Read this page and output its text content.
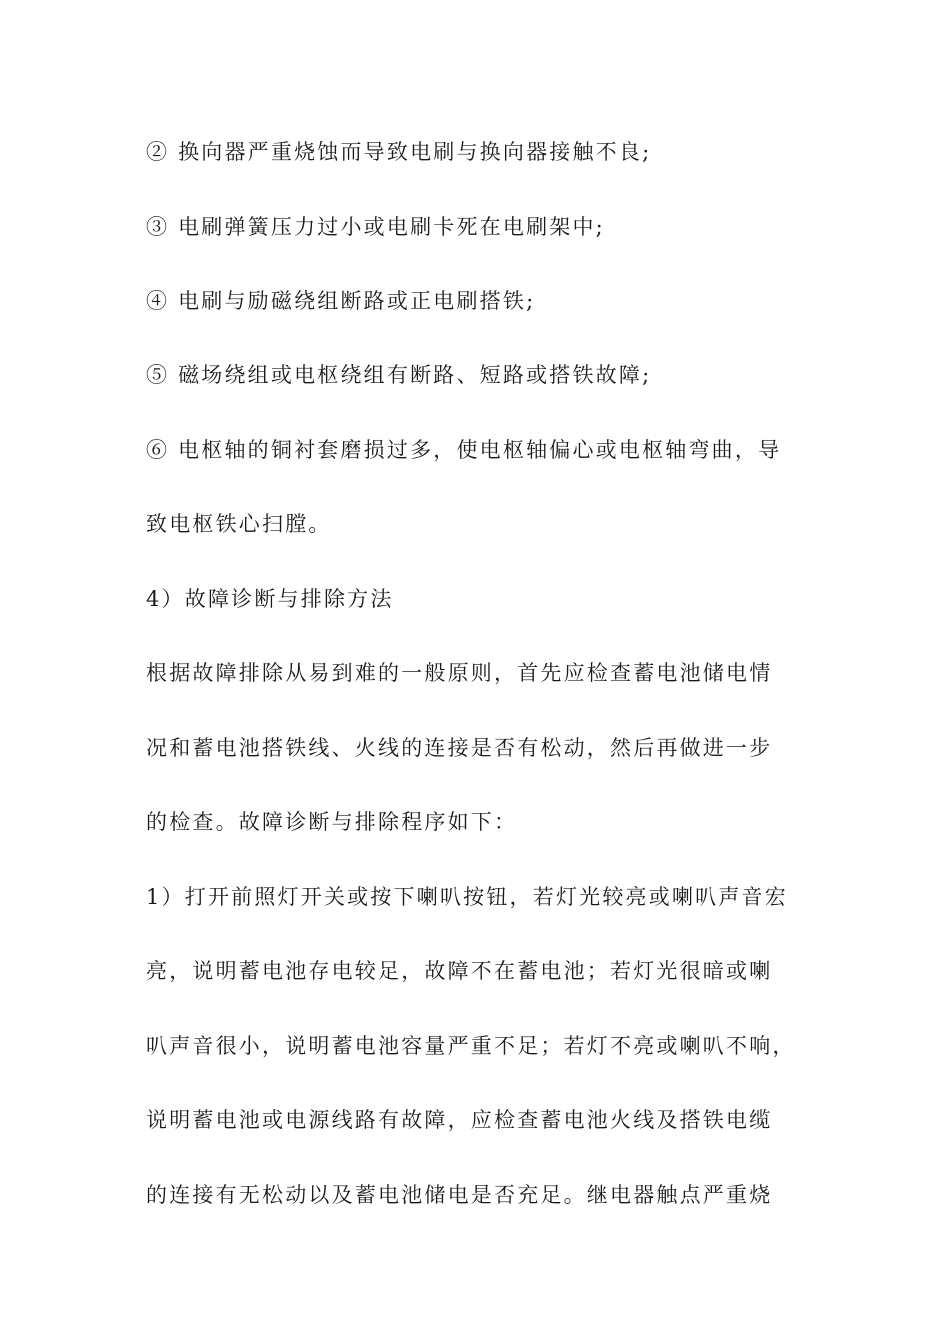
② 换向器严重烧蚀而导致电刷与换向器接触不良;
③ 电刷弹簧压力过小或电刷卡死在电刷架中;
④ 电刷与励磁绕组断路或正电刷搭铁;
⑤ 磁场绕组或电枢绕组有断路、短路或搭铁故障;
⑥ 电枢轴的铜衬套磨损过多，使电枢轴偏心或电枢轴弯曲，导
致电枢铁心扫膛。
4）故障诊断与排除方法
根据故障排除从易到难的一般原则，首先应检查蓄电池储电情
况和蓄电池搭铁线、火线的连接是否有松动，然后再做进一步
的检查。故障诊断与排除程序如下：
1）打开前照灯开关或按下喇叭按钮，若灯光较亮或喇叭声音宏
亮，说明蓄电池存电较足，故障不在蓄电池；若灯光很暗或喇
叭声音很小，说明蓄电池容量严重不足；若灯不亮或喇叭不响，
说明蓄电池或电源线路有故障，应检查蓄电池火线及搭铁电缆
的连接有无松动以及蓄电池储电是否充足。继电器触点严重烧
